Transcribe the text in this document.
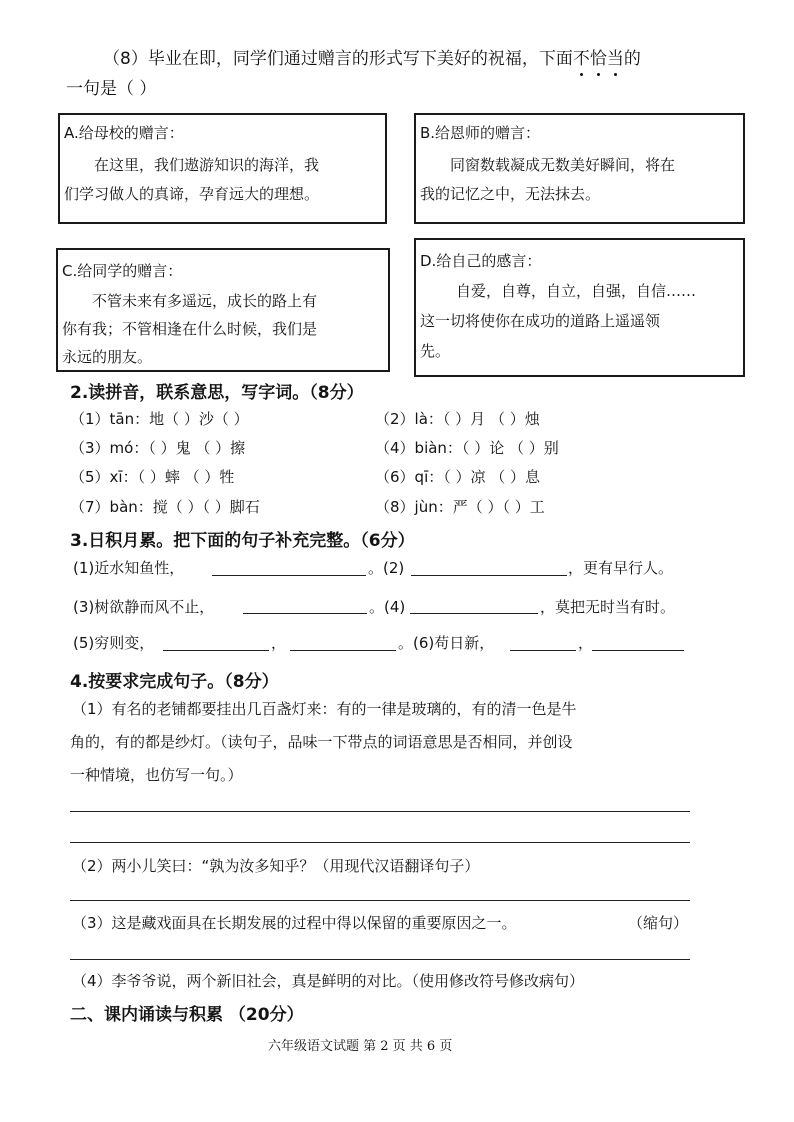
（8）毕业在即，同学们通过赠言的形式写下美好的祝福，下面不恰当的
一句是（ ）
A.给母校的赠言：
在这里，我们遨游知识的海洋，我
们学习做人的真谛，孕育远大的理想。
B.给恩师的赠言：
同窗数载凝成无数美好瞬间，将在
我的记忆之中，无法抹去。
C.给同学的赠言：
不管未来有多遥远，成长的路上有
你有我；不管相逢在什么时候，我们是
永远的朋友。
D.给自己的感言：
自爱，自尊，自立，自强，自信……
这一切将使你在成功的道路上遥遥领
先。
2.读拼音，联系意思，写字词。（8分）
（1）tān：地（ ）沙（ ）	（2）là：（ ）月 （ ）烛
（3）mó：（ ）鬼 （ ）擦	（4）biàn：（ ）论 （ ）别
（5）xī：（ ）蟀 （ ）牲	（6）qī：（ ）凉 （ ）息
（7）bàn：搅（ ）（ ）脚石	（8）jùn：严（ ）（ ）工
3.日积月累。把下面的句子补充完整。（6分）
(1)近水知鱼性，	。(2)	，更有早行人。
(3)树欲静而风不止，	。(4)	，莫把无时当有时。
(5)穷则变，	，	。(6)苟日新，	，
4.按要求完成句子。（8分）
（1）有名的老铺都要挂出几百盏灯来：有的一律是玻璃的，有的清一色是牛
角的，有的都是纱灯。（读句子，品味一下带点的词语意思是否相同，并创设
一种情境，也仿写一句。）
（2）两小儿笑曰：“孰为汝多知乎？（用现代汉语翻译句子）
（3）这是藏戏面具在长期发展的过程中得以保留的重要原因之一。	（缩句）
（4）李爷爷说，两个新旧社会，真是鲜明的对比。（使用修改符号修改病句）
二、课内诵读与积累 （20分）
六年级语文试题 第 2 页 共 6 页
